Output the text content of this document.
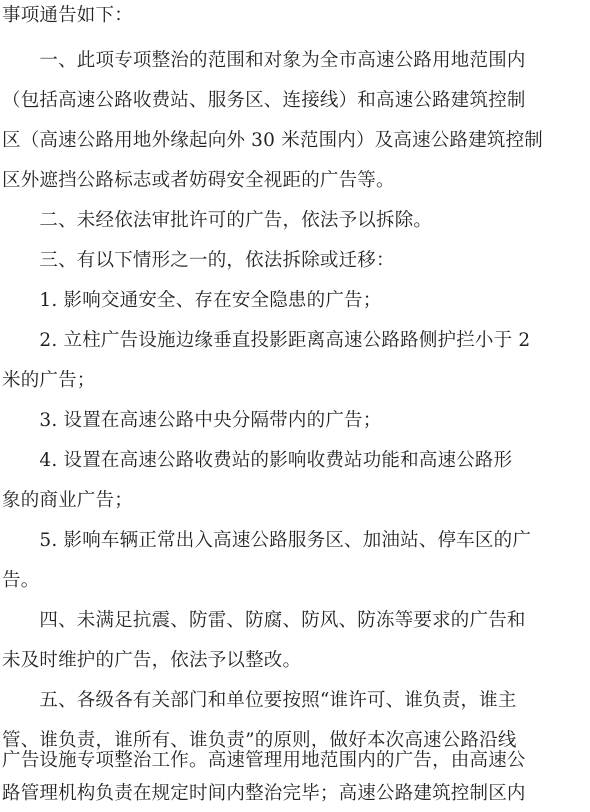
事项通告如下：
　　一、此项专项整治的范围和对象为全市高速公路用地范围内
（包括高速公路收费站、服务区、连接线）和高速公路建筑控制
区（高速公路用地外缘起向外 30 米范围内）及高速公路建筑控制
区外遮挡公路标志或者妨碍安全视距的广告等。
　　二、未经依法审批许可的广告，依法予以拆除。
　　三、有以下情形之一的，依法拆除或迁移：
　　1. 影响交通安全、存在安全隐患的广告；
　　2. 立柱广告设施边缘垂直投影距离高速公路路侧护拦小于 2
米的广告；
　　3. 设置在高速公路中央分隔带内的广告；
　　4. 设置在高速公路收费站的影响收费站功能和高速公路形
象的商业广告；
　　5. 影响车辆正常出入高速公路服务区、加油站、停车区的广
告。
　　四、未满足抗震、防雷、防腐、防风、防冻等要求的广告和
未及时维护的广告，依法予以整改。
　　五、各级各有关部门和单位要按照“谁许可、谁负责，谁主
管、谁负责，谁所有、谁负责”的原则，做好本次高速公路沿线
广告设施专项整治工作。高速管理用地范围内的广告，由高速公
路管理机构负责在规定时间内整治完毕；高速公路建筑控制区内
